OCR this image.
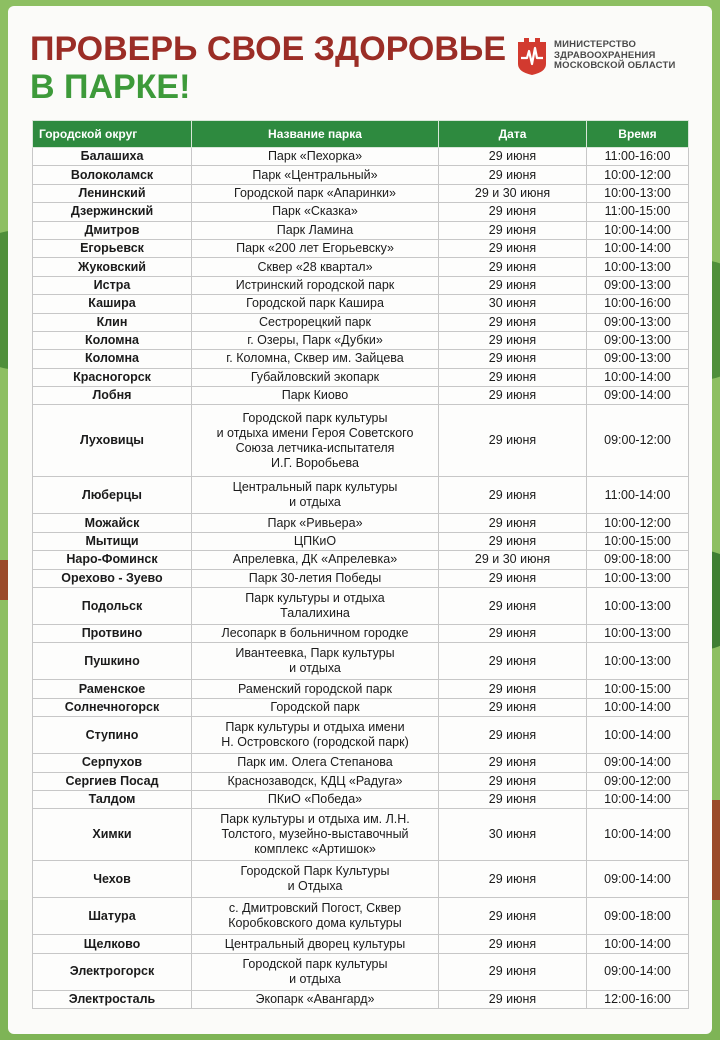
ПРОВЕРЬ СВОЕ ЗДОРОВЬЕ
В ПАРКЕ!
МИНИСТЕРСТВО
ЗДРАВООХРАНЕНИЯ
МОСКОВСКОЙ ОБЛАСТИ
Городской округ	Название парка	Дата	Время
Балашиха	Парк «Пехорка»	29 июня	11:00-16:00
Волоколамск	Парк «Центральный»	29 июня	10:00-12:00
Ленинский	Городской парк «Апаринки»	29 и 30 июня	10:00-13:00
Дзержинский	Парк «Сказка»	29 июня	11:00-15:00
Дмитров	Парк Ламина	29 июня	10:00-14:00
Егорьевск	Парк «200 лет Егорьевску»	29 июня	10:00-14:00
Жуковский	Сквер «28 квартал»	29 июня	10:00-13:00
Истра	Истринский городской парк	29 июня	09:00-13:00
Кашира	Городской парк Кашира	30 июня	10:00-16:00
Клин	Сестрорецкий парк	29 июня	09:00-13:00
Коломна	г. Озеры, Парк «Дубки»	29 июня	09:00-13:00
Коломна	г. Коломна, Сквер им. Зайцева	29 июня	09:00-13:00
Красногорск	Губайловский экопарк	29 июня	10:00-14:00
Лобня	Парк Киово	29 июня	09:00-14:00
Луховицы	Городской парк культуры
и отдыха имени Героя Советского
Союза летчика-испытателя
И.Г. Воробьева	29 июня	09:00-12:00
Люберцы	Центральный парк культуры
и отдыха	29 июня	11:00-14:00
Можайск	Парк «Ривьера»	29 июня	10:00-12:00
Мытищи	ЦПКиО	29 июня	10:00-15:00
Наро-Фоминск	Апрелевка, ДК «Апрелевка»	29 и 30 июня	09:00-18:00
Орехово - Зуево	Парк 30-летия Победы	29 июня	10:00-13:00
Подольск	Парк культуры и отдыха
Талалихина	29 июня	10:00-13:00
Протвино	Лесопарк в больничном городке	29 июня	10:00-13:00
Пушкино	Ивантеевка, Парк культуры
и отдыха	29 июня	10:00-13:00
Раменское	Раменский городской парк	29 июня	10:00-15:00
Солнечногорск	Городской парк	29 июня	10:00-14:00
Ступино	Парк культуры и отдыха имени
Н. Островского (городской парк)	29 июня	10:00-14:00
Серпухов	Парк им. Олега Степанова	29 июня	09:00-14:00
Сергиев Посад	Краснозаводск, КДЦ «Радуга»	29 июня	09:00-12:00
Талдом	ПКиО «Победа»	29 июня	10:00-14:00
Химки	Парк культуры и отдыха им. Л.Н.
Толстого, музейно-выставочный
комплекс «Артишок»	30 июня	10:00-14:00
Чехов	Городской Парк Культуры
и Отдыха	29 июня	09:00-14:00
Шатура	с. Дмитровский Погост, Сквер
Коробковского дома культуры	29 июня	09:00-18:00
Щелково	Центральный дворец культуры	29 июня	10:00-14:00
Электрогорск	Городской парк культуры
и отдыха	29 июня	09:00-14:00
Электросталь	Экопарк «Авангард»	29 июня	12:00-16:00
